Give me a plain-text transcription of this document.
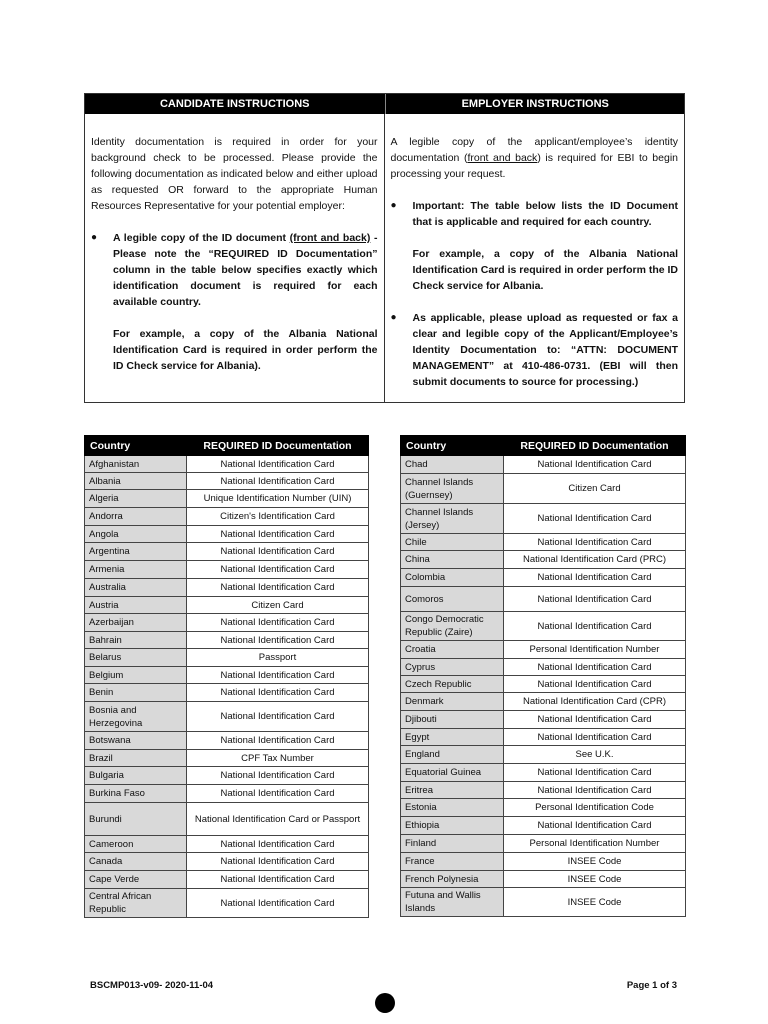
CANDIDATE INSTRUCTIONS	EMPLOYER INSTRUCTIONS
Identity documentation is required in order for your background check to be processed. Please provide the following documentation as indicated below and either upload as requested OR forward to the appropriate Human Resources Representative for your potential employer:
●	A legible copy of the ID document (front and back) - Please note the “REQUIRED ID Documentation” column in the table below specifies exactly which identification document is required for each available country.

For example, a copy of the Albania National Identification Card is required in order perform the ID Check service for Albania).

A legible copy of the applicant/employee’s identity documentation (front and back) is required for EBI to begin processing your request.
●	Important: The table below lists the ID Document that is applicable and required for each country.

For example, a copy of the Albania National Identification Card is required in order perform the ID Check service for Albania.

●	As applicable, please upload as requested or fax a clear and legible copy of the Applicant/Employee’s Identity Documentation to: “ATTN: DOCUMENT MANAGEMENT” at 410-486-0731. (EBI will then submit documents to source for processing.)

Country	REQUIRED ID Documentation
Afghanistan	National Identification Card
Albania	National Identification Card
Algeria	Unique Identification Number (UIN)
Andorra	Citizen's Identification Card
Angola	National Identification Card
Argentina	National Identification Card
Armenia	National Identification Card
Australia	National Identification Card
Austria	Citizen Card
Azerbaijan	National Identification Card
Bahrain	National Identification Card
Belarus	Passport
Belgium	National Identification Card
Benin	National Identification Card
Bosnia and Herzegovina	National Identification Card
Botswana	National Identification Card
Brazil	CPF Tax Number
Bulgaria	National Identification Card
Burkina Faso	National Identification Card
Burundi	National Identification Card or Passport
Cameroon	National Identification Card
Canada	National Identification Card
Cape Verde	National Identification Card
Central African Republic	National Identification Card
Country	REQUIRED ID Documentation
Chad	National Identification Card
Channel Islands (Guernsey)	Citizen Card
Channel Islands (Jersey)	National Identification Card
Chile	National Identification Card
China	National Identification Card (PRC)
Colombia	National Identification Card
Comoros	National Identification Card
Congo Democratic Republic (Zaire)	National Identification Card
Croatia	Personal Identification Number
Cyprus	National Identification Card
Czech Republic	National Identification Card
Denmark	National Identification Card (CPR)
Djibouti	National Identification Card
Egypt	National Identification Card
England	See U.K.
Equatorial Guinea	National Identification Card
Eritrea	National Identification Card
Estonia	Personal Identification Code
Ethiopia	National Identification Card
Finland	Personal Identification Number
France	INSEE Code
French Polynesia	INSEE Code
Futuna and Wallis Islands	INSEE Code
BSCMP013-v09- 2020-11-04	Page 1 of 3
